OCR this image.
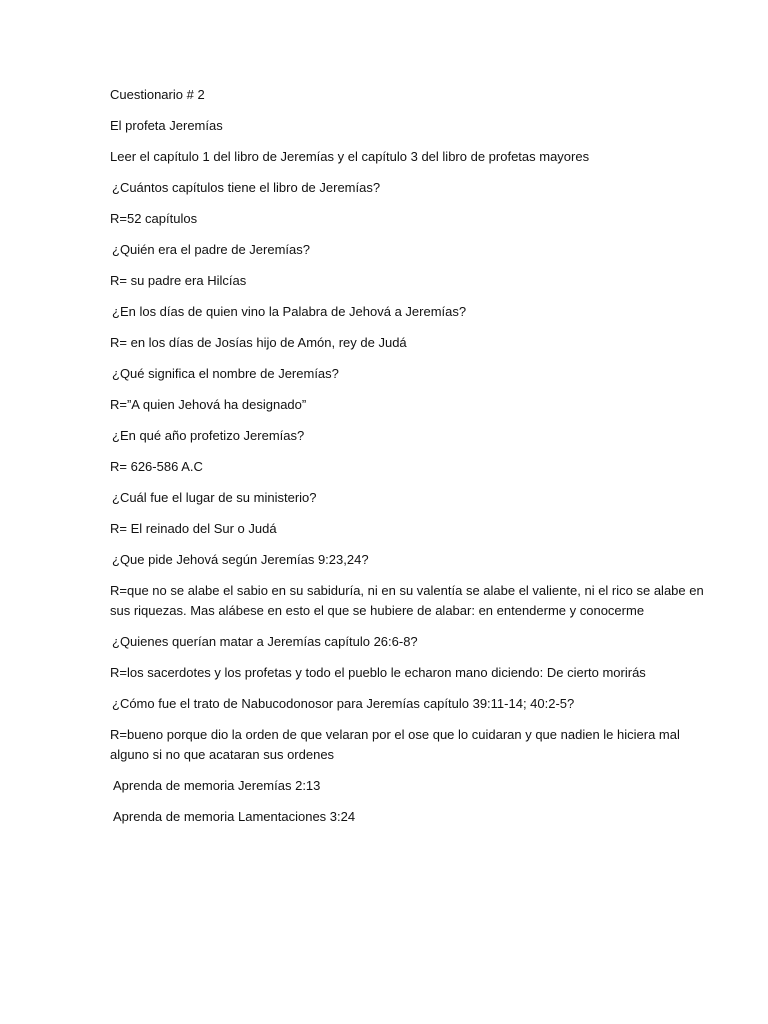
Cuestionario # 2

El profeta Jeremías

Leer el capítulo 1 del libro de Jeremías y el capítulo 3 del libro de profetas mayores

¿Cuántos capítulos tiene el libro de Jeremías?

R=52 capítulos

¿Quién era el padre de Jeremías?

R= su padre era Hilcías

¿En los días de quien vino la Palabra de Jehová a Jeremías?

R= en los días de Josías hijo de Amón, rey de Judá

¿Qué significa el nombre de Jeremías?

R=”A quien Jehová ha designado”

¿En qué año profetizo Jeremías?

R= 626-586 A.C

¿Cuál fue el lugar de su ministerio?

R= El reinado del Sur o Judá

¿Que pide Jehová según Jeremías 9:23,24?

R=que no se alabe el sabio en su sabiduría, ni en su valentía se alabe el valiente, ni el rico se alabe en sus riquezas. Mas alábese en esto el que se hubiere de alabar: en entenderme y conocerme

¿Quienes querían matar a Jeremías capítulo 26:6-8?

R=los sacerdotes y los profetas y todo el pueblo le echaron mano diciendo: De cierto morirás

¿Cómo fue el trato de Nabucodonosor para Jeremías capítulo 39:11-14; 40:2-5?

R=bueno porque dio la orden de que velaran por el ose que lo cuidaran y que nadien le hiciera mal alguno si no que acataran sus ordenes

Aprenda de memoria Jeremías 2:13

Aprenda de memoria Lamentaciones 3:24
